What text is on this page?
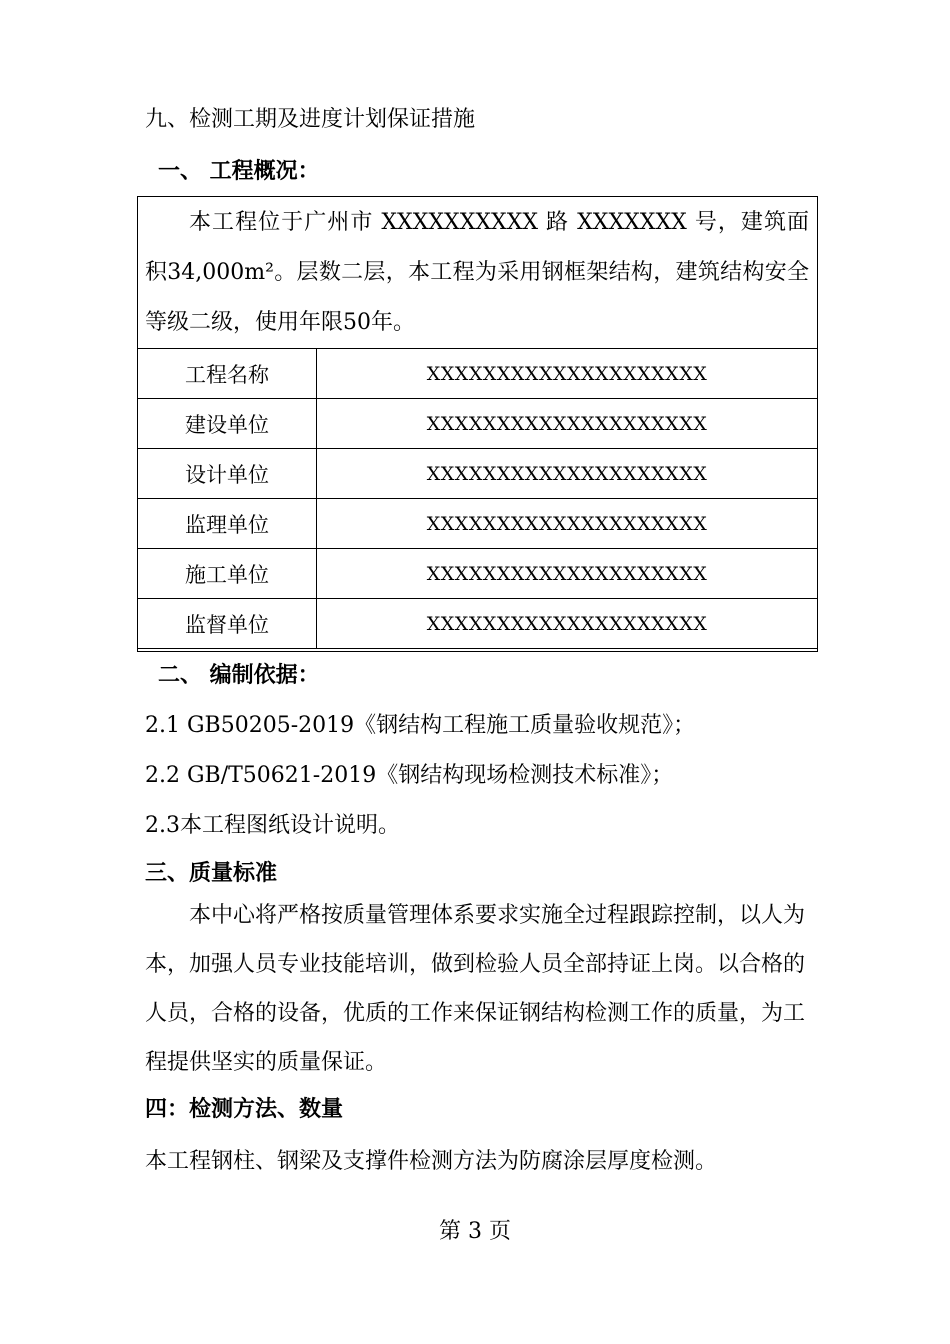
九、检测工期及进度计划保证措施
一、 工程概况：
本工程位于广州市 XXXXXXXXXX 路 XXXXXXX 号，建筑面积34,000m²。层数二层，本工程为采用钢框架结构，建筑结构安全等级二级，使用年限50年。
工程名称	XXXXXXXXXXXXXXXXXXXX
建设单位	XXXXXXXXXXXXXXXXXXXX
设计单位	XXXXXXXXXXXXXXXXXXXX
监理单位	XXXXXXXXXXXXXXXXXXXX
施工单位	XXXXXXXXXXXXXXXXXXXX
监督单位	XXXXXXXXXXXXXXXXXXXX
二、 编制依据：
2.1 GB50205-2019《钢结构工程施工质量验收规范》；
2.2 GB/T50621-2019《钢结构现场检测技术标准》；
2.3本工程图纸设计说明。
三、质量标准
本中心将严格按质量管理体系要求实施全过程跟踪控制，以人为本，加强人员专业技能培训，做到检验人员全部持证上岗。以合格的人员，合格的设备，优质的工作来保证钢结构检测工作的质量，为工程提供坚实的质量保证。
四：检测方法、数量
本工程钢柱、钢梁及支撑件检测方法为防腐涂层厚度检测。
第 3 页
